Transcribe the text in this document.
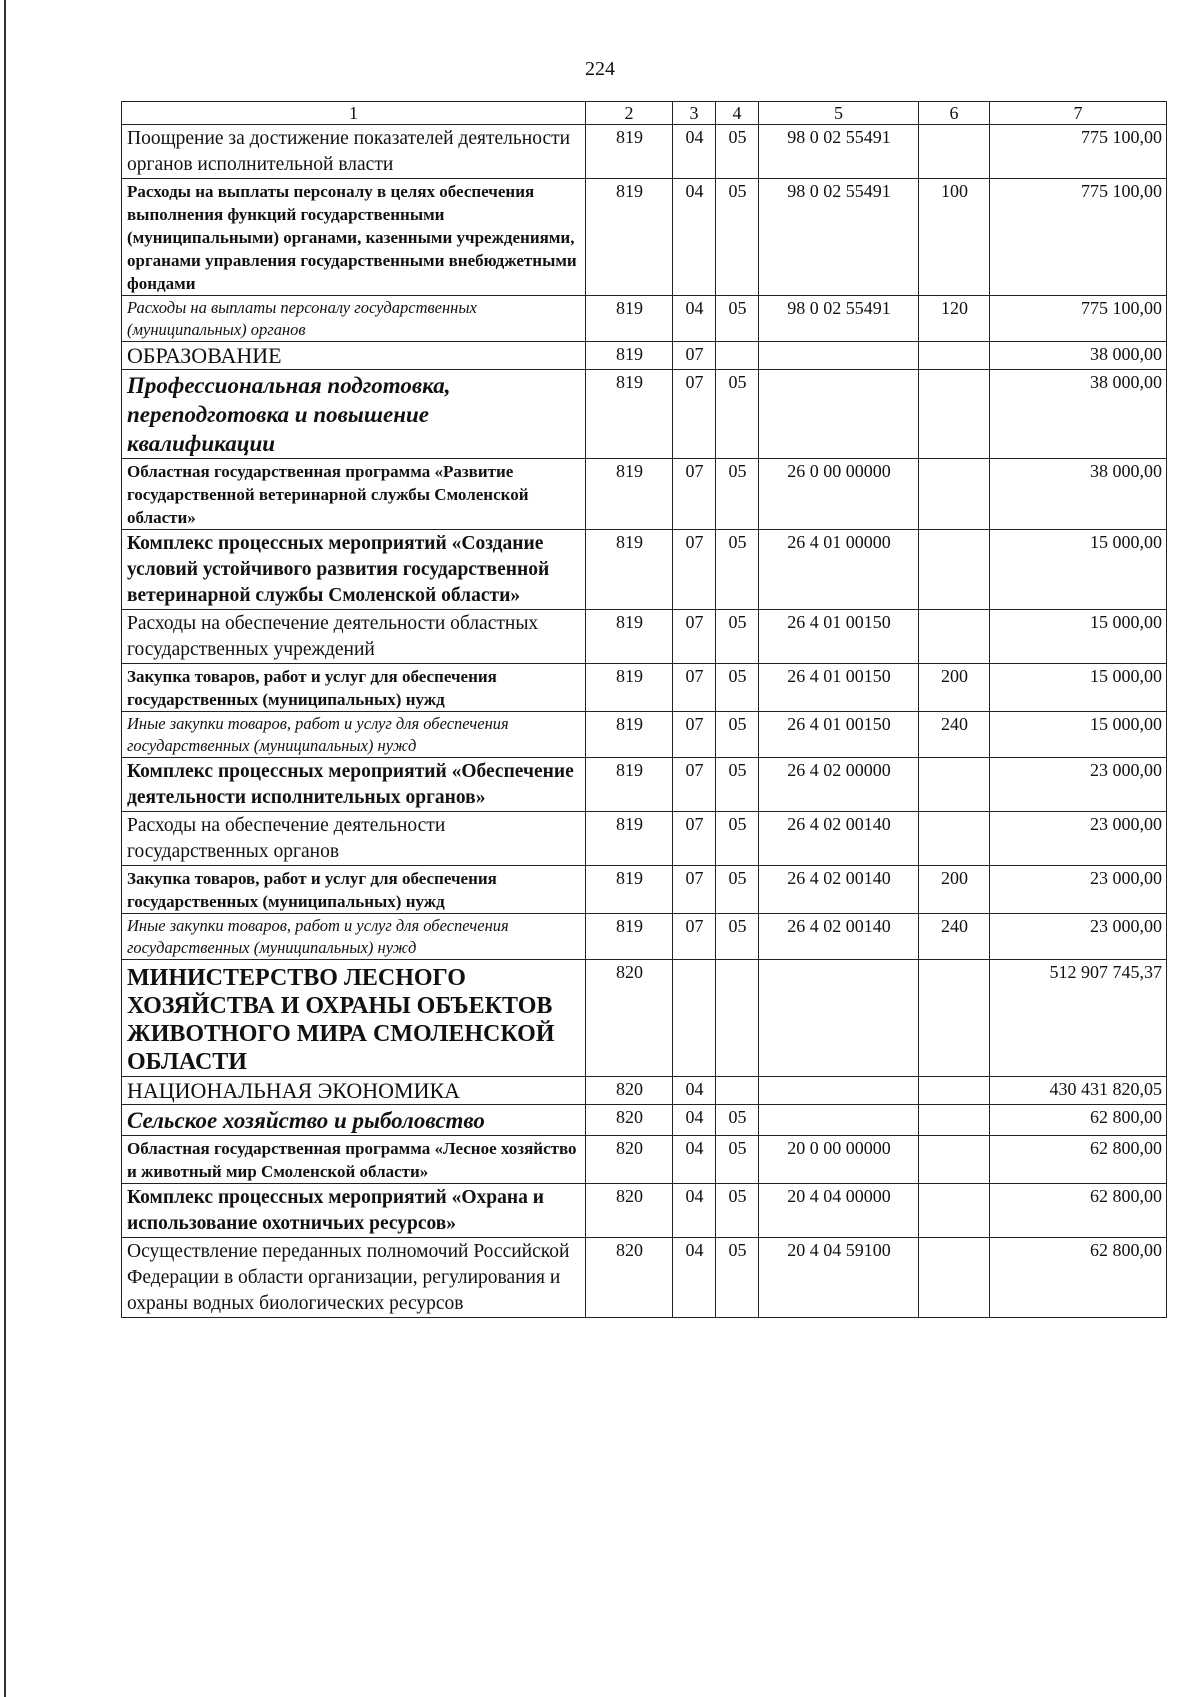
224
1	2	3	4	5	6	7
Поощрение за достижение показателей деятельности органов исполнительной власти	819	04	05	98 0 02 55491		775 100,00
Расходы на выплаты персоналу в целях обеспечения выполнения функций государственными (муниципальными) органами, казенными учреждениями, органами управления государственными внебюджетными фондами	819	04	05	98 0 02 55491	100	775 100,00
Расходы на выплаты персоналу государственных (муниципальных) органов	819	04	05	98 0 02 55491	120	775 100,00
ОБРАЗОВАНИЕ	819	07				38 000,00
Профессиональная подготовка, переподготовка и повышение квалификации	819	07	05			38 000,00
Областная государственная программа «Развитие государственной ветеринарной службы Смоленской области»	819	07	05	26 0 00 00000		38 000,00
Комплекс процессных мероприятий «Создание условий устойчивого развития государственной ветеринарной службы Смоленской области»	819	07	05	26 4 01 00000		15 000,00
Расходы на обеспечение деятельности областных государственных учреждений	819	07	05	26 4 01 00150		15 000,00
Закупка товаров, работ и услуг для обеспечения государственных (муниципальных) нужд	819	07	05	26 4 01 00150	200	15 000,00
Иные закупки товаров, работ и услуг для обеспечения государственных (муниципальных) нужд	819	07	05	26 4 01 00150	240	15 000,00
Комплекс процессных мероприятий «Обеспечение деятельности исполнительных органов»	819	07	05	26 4 02 00000		23 000,00
Расходы на обеспечение деятельности государственных органов	819	07	05	26 4 02 00140		23 000,00
Закупка товаров, работ и услуг для обеспечения государственных (муниципальных) нужд	819	07	05	26 4 02 00140	200	23 000,00
Иные закупки товаров, работ и услуг для обеспечения государственных (муниципальных) нужд	819	07	05	26 4 02 00140	240	23 000,00
МИНИСТЕРСТВО ЛЕСНОГО ХОЗЯЙСТВА И ОХРАНЫ ОБЪЕКТОВ ЖИВОТНОГО МИРА СМОЛЕНСКОЙ ОБЛАСТИ	820					512 907 745,37
НАЦИОНАЛЬНАЯ ЭКОНОМИКА	820	04				430 431 820,05
Сельское хозяйство и рыболовство	820	04	05			62 800,00
Областная государственная программа «Лесное хозяйство и животный мир Смоленской области»	820	04	05	20 0 00 00000		62 800,00
Комплекс процессных мероприятий «Охрана и использование охотничьих ресурсов»	820	04	05	20 4 04 00000		62 800,00
Осуществление переданных полномочий Российской Федерации в области организации, регулирования и охраны водных биологических ресурсов	820	04	05	20 4 04 59100		62 800,00
